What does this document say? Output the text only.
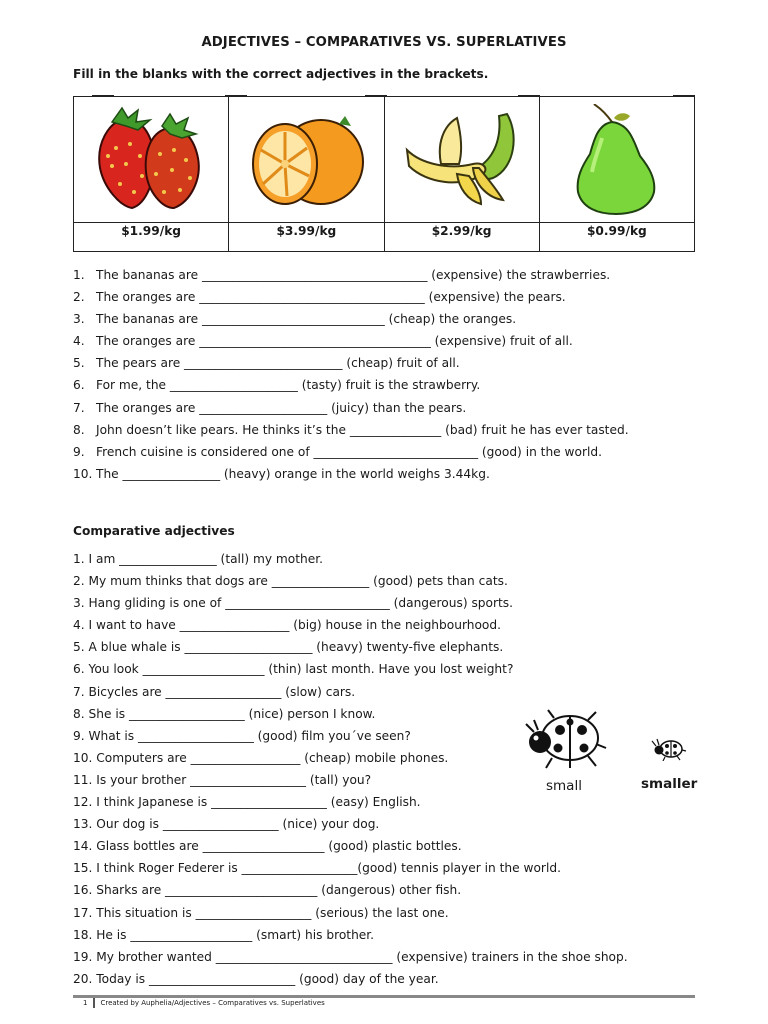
ADJECTIVES – COMPARATIVES VS. SUPERLATIVES
Fill in the blanks with the correct adjectives in the brackets.
$1.99/kg	$3.99/kg	$2.99/kg	$0.99/kg
1. The bananas are _____________________________________ (expensive) the strawberries.
2. The oranges are _____________________________________ (expensive) the pears.
3. The bananas are ______________________________ (cheap) the oranges.
4. The oranges are ______________________________________ (expensive) fruit of all.
5. The pears are __________________________ (cheap) fruit of all.
6. For me, the _____________________ (tasty) fruit is the strawberry.
7. The oranges are _____________________ (juicy) than the pears.
8. John doesn’t like pears. He thinks it’s the _______________ (bad) fruit he has ever tasted.
9. French cuisine is considered one of ___________________________ (good) in the world.
10. The ________________ (heavy) orange in the world weighs 3.44kg.
Comparative adjectives
1. I am ________________ (tall) my mother.
2. My mum thinks that dogs are ________________ (good) pets than cats.
3. Hang gliding is one of ___________________________ (dangerous) sports.
4. I want to have __________________ (big) house in the neighbourhood.
5. A blue whale is _____________________ (heavy) twenty-five elephants.
6. You look ____________________ (thin) last month. Have you lost weight?
7. Bicycles are ___________________ (slow) cars.
8. She is ___________________ (nice) person I know.
9. What is ___________________ (good) film you´ve seen?
10. Computers are __________________ (cheap) mobile phones.
11. Is your brother ___________________ (tall) you?
12. I think Japanese is ___________________ (easy) English.
13. Our dog is ___________________ (nice) your dog.
14. Glass bottles are ____________________ (good) plastic bottles.
15. I think Roger Federer is ___________________(good) tennis player in the world.
16. Sharks are _________________________ (dangerous) other fish.
17. This situation is ___________________ (serious) the last one.
18. He is ____________________ (smart) his brother.
19. My brother wanted _____________________________ (expensive) trainers in the shoe shop.
20. Today is ________________________ (good) day of the year.
small	smaller
1 Created by Auphelia/Adjectives – Comparatives vs. Superlatives
